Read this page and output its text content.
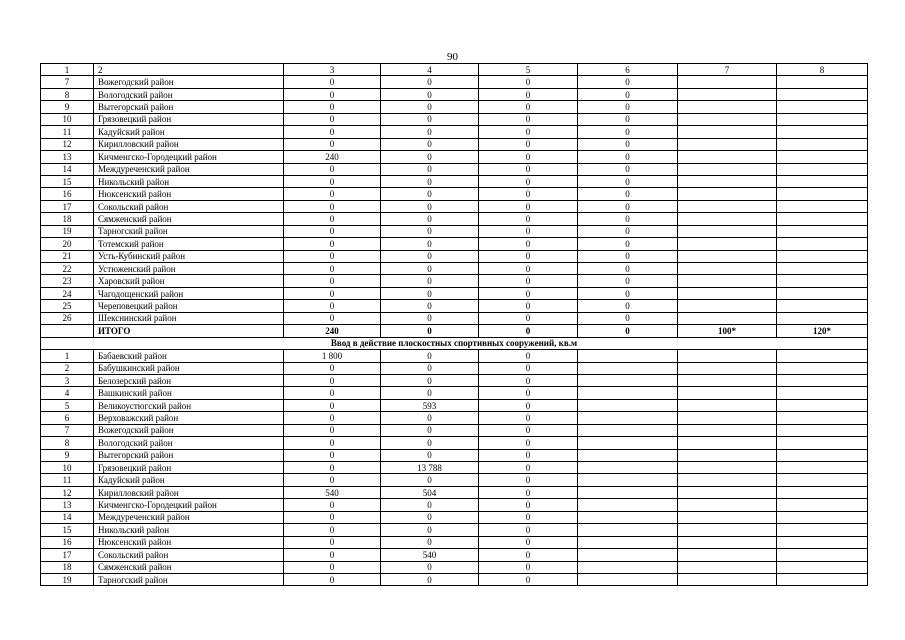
90
1	2	3	4	5	6	7	8
7	Вожегодский район	0	0	0	0		
8	Вологодский район	0	0	0	0		
9	Вытегорский район	0	0	0	0		
10	Грязовецкий район	0	0	0	0		
11	Кадуйский район	0	0	0	0		
12	Кирилловский район	0	0	0	0		
13	Кичменгско-Городецкий район	240	0	0	0		
14	Междуреченский район	0	0	0	0		
15	Никольский район	0	0	0	0		
16	Нюксенский район	0	0	0	0		
17	Сокольский район	0	0	0	0		
18	Сямженский район	0	0	0	0		
19	Тарногский район	0	0	0	0		
20	Тотемский район	0	0	0	0		
21	Усть-Кубинский район	0	0	0	0		
22	Устюженский район	0	0	0	0		
23	Харовский район	0	0	0	0		
24	Чагодощенский район	0	0	0	0		
25	Череповецкий район	0	0	0	0		
26	Шекснинский район	0	0	0	0		
	ИТОГО	240	0	0	0	100*	120*
Ввод в действие плоскостных спортивных сооружений, кв.м							
1	Бабаевский район	1 800	0	0			
2	Бабушкинский район	0	0	0			
3	Белозерский район	0	0	0			
4	Вашкинский район	0	0	0			
5	Великоустюгский район	0	593	0			
6	Верховажский район	0	0	0			
7	Вожегодский район	0	0	0			
8	Вологодский район	0	0	0			
9	Вытегорский район	0	0	0			
10	Грязовецкий район	0	13 788	0			
11	Кадуйский район	0	0	0			
12	Кирилловский район	540	504	0			
13	Кичменгско-Городецкий район	0	0	0			
14	Междуреченский район	0	0	0			
15	Никольский район	0	0	0			
16	Нюксенский район	0	0	0			
17	Сокольский район	0	540	0			
18	Сямженский район	0	0	0			
19	Тарногский район	0	0	0			
